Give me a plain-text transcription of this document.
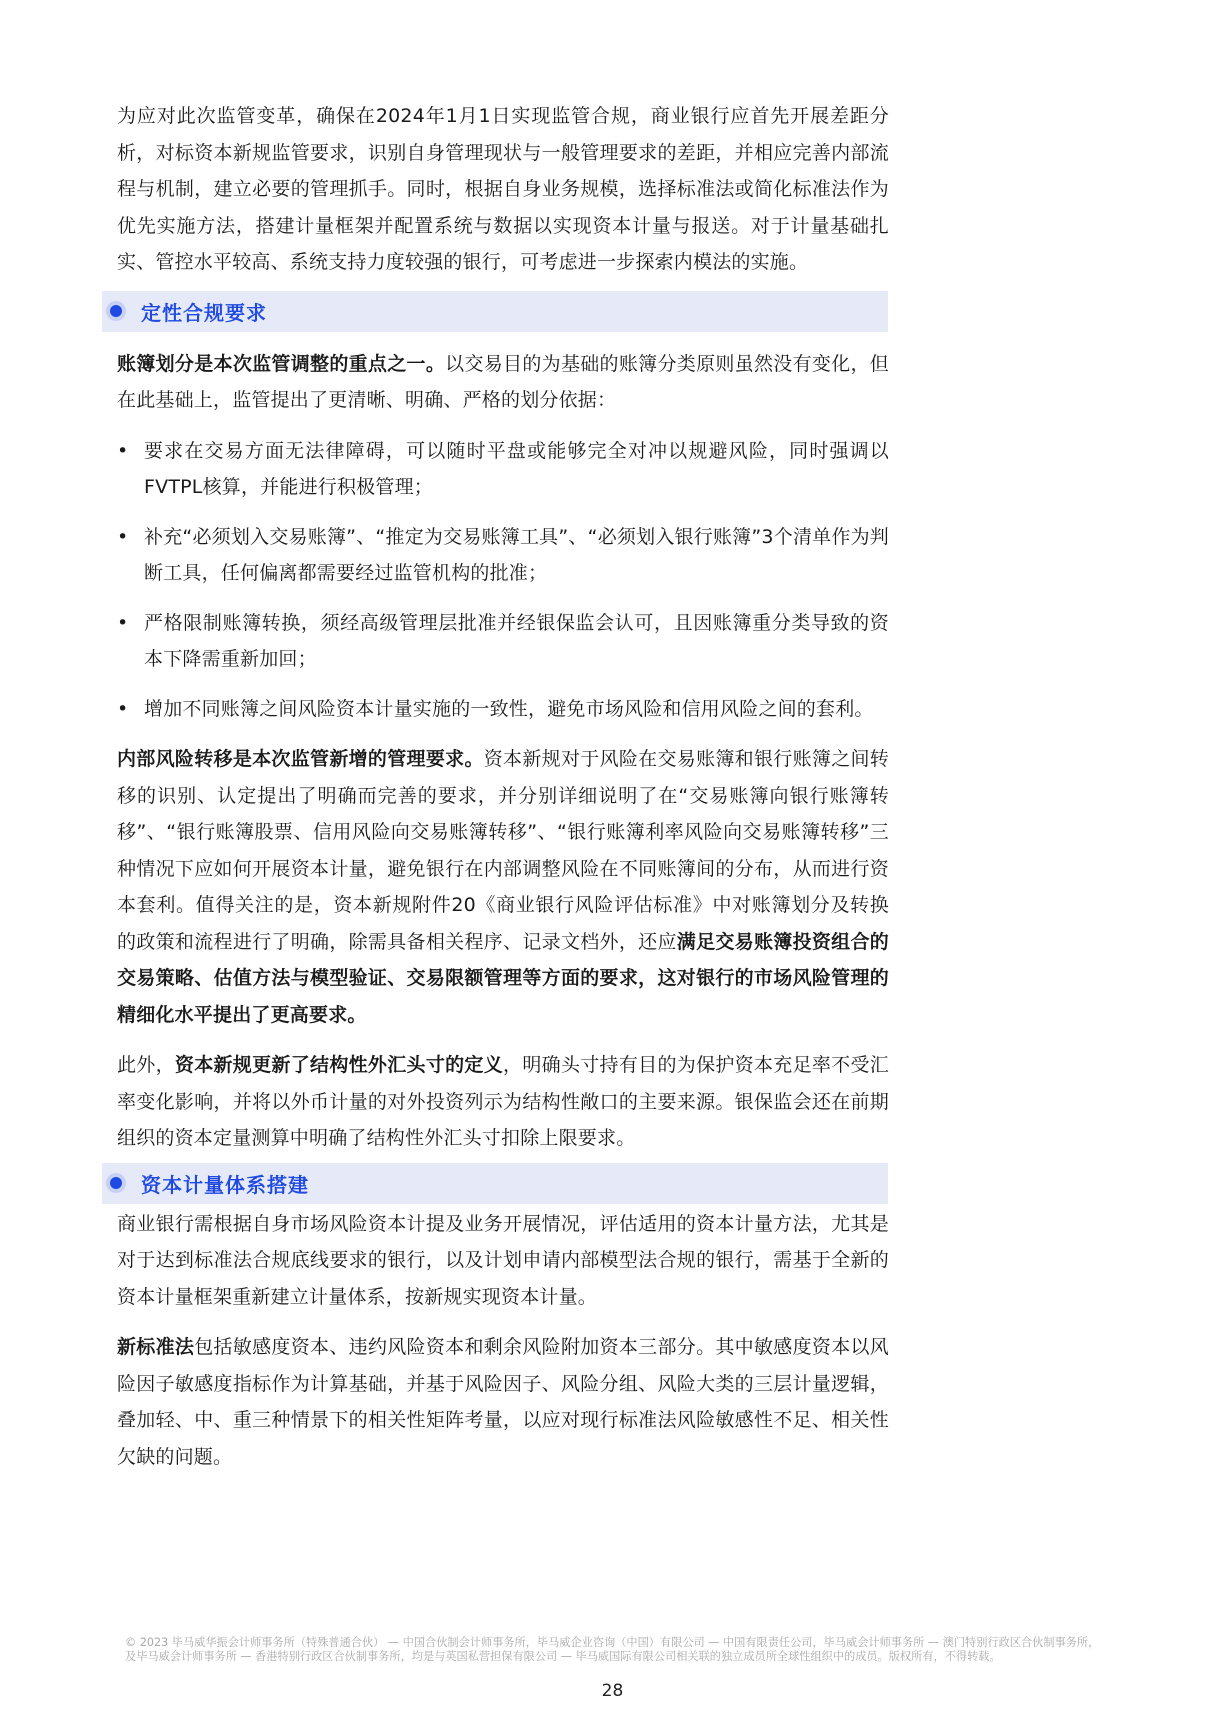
为应对此次监管变革，确保在2024年1月1日实现监管合规，商业银行应首先开展差距分析，对标资本新规监管要求，识别自身管理现状与一般管理要求的差距，并相应完善内部流程与机制，建立必要的管理抓手。同时，根据自身业务规模，选择标准法或简化标准法作为优先实施方法，搭建计量框架并配置系统与数据以实现资本计量与报送。对于计量基础扎实、管控水平较高、系统支持力度较强的银行，可考虑进一步探索内模法的实施。

定性合规要求

账簿划分是本次监管调整的重点之一。以交易目的为基础的账簿分类原则虽然没有变化，但在此基础上，监管提出了更清晰、明确、严格的划分依据：

• 要求在交易方面无法律障碍，可以随时平盘或能够完全对冲以规避风险，同时强调以FVTPL核算，并能进行积极管理；
• 补充“必须划入交易账簿”、“推定为交易账簿工具”、“必须划入银行账簿”3个清单作为判断工具，任何偏离都需要经过监管机构的批准；
• 严格限制账簿转换，须经高级管理层批准并经银保监会认可，且因账簿重分类导致的资本下降需重新加回；
• 增加不同账簿之间风险资本计量实施的一致性，避免市场风险和信用风险之间的套利。

内部风险转移是本次监管新增的管理要求。资本新规对于风险在交易账簿和银行账簿之间转移的识别、认定提出了明确而完善的要求，并分别详细说明了在“交易账簿向银行账簿转移”、“银行账簿股票、信用风险向交易账簿转移”、“银行账簿利率风险向交易账簿转移”三种情况下应如何开展资本计量，避免银行在内部调整风险在不同账簿间的分布，从而进行资本套利。值得关注的是，资本新规附件20《商业银行风险评估标准》中对账簿划分及转换的政策和流程进行了明确，除需具备相关程序、记录文档外，还应满足交易账簿投资组合的交易策略、估值方法与模型验证、交易限额管理等方面的要求，这对银行的市场风险管理的精细化水平提出了更高要求。

此外，资本新规更新了结构性外汇头寸的定义，明确头寸持有目的为保护资本充足率不受汇率变化影响，并将以外币计量的对外投资列示为结构性敞口的主要来源。银保监会还在前期组织的资本定量测算中明确了结构性外汇头寸扣除上限要求。

资本计量体系搭建

商业银行需根据自身市场风险资本计提及业务开展情况，评估适用的资本计量方法，尤其是对于达到标准法合规底线要求的银行，以及计划申请内部模型法合规的银行，需基于全新的资本计量框架重新建立计量体系，按新规实现资本计量。

新标准法包括敏感度资本、违约风险资本和剩余风险附加资本三部分。其中敏感度资本以风险因子敏感度指标作为计算基础，并基于风险因子、风险分组、风险大类的三层计量逻辑，叠加轻、中、重三种情景下的相关性矩阵考量，以应对现行标准法风险敏感性不足、相关性欠缺的问题。

© 2023 毕马威华振会计师事务所（特殊普通合伙） — 中国合伙制会计师事务所，毕马威企业咨询（中国）有限公司 — 中国有限责任公司，毕马威会计师事务所 — 澳门特别行政区合伙制事务所，及毕马威会计师事务所 — 香港特别行政区合伙制事务所，均是与英国私营担保有限公司 — 毕马威国际有限公司相关联的独立成员所全球性组织中的成员。版权所有，不得转载。
28
